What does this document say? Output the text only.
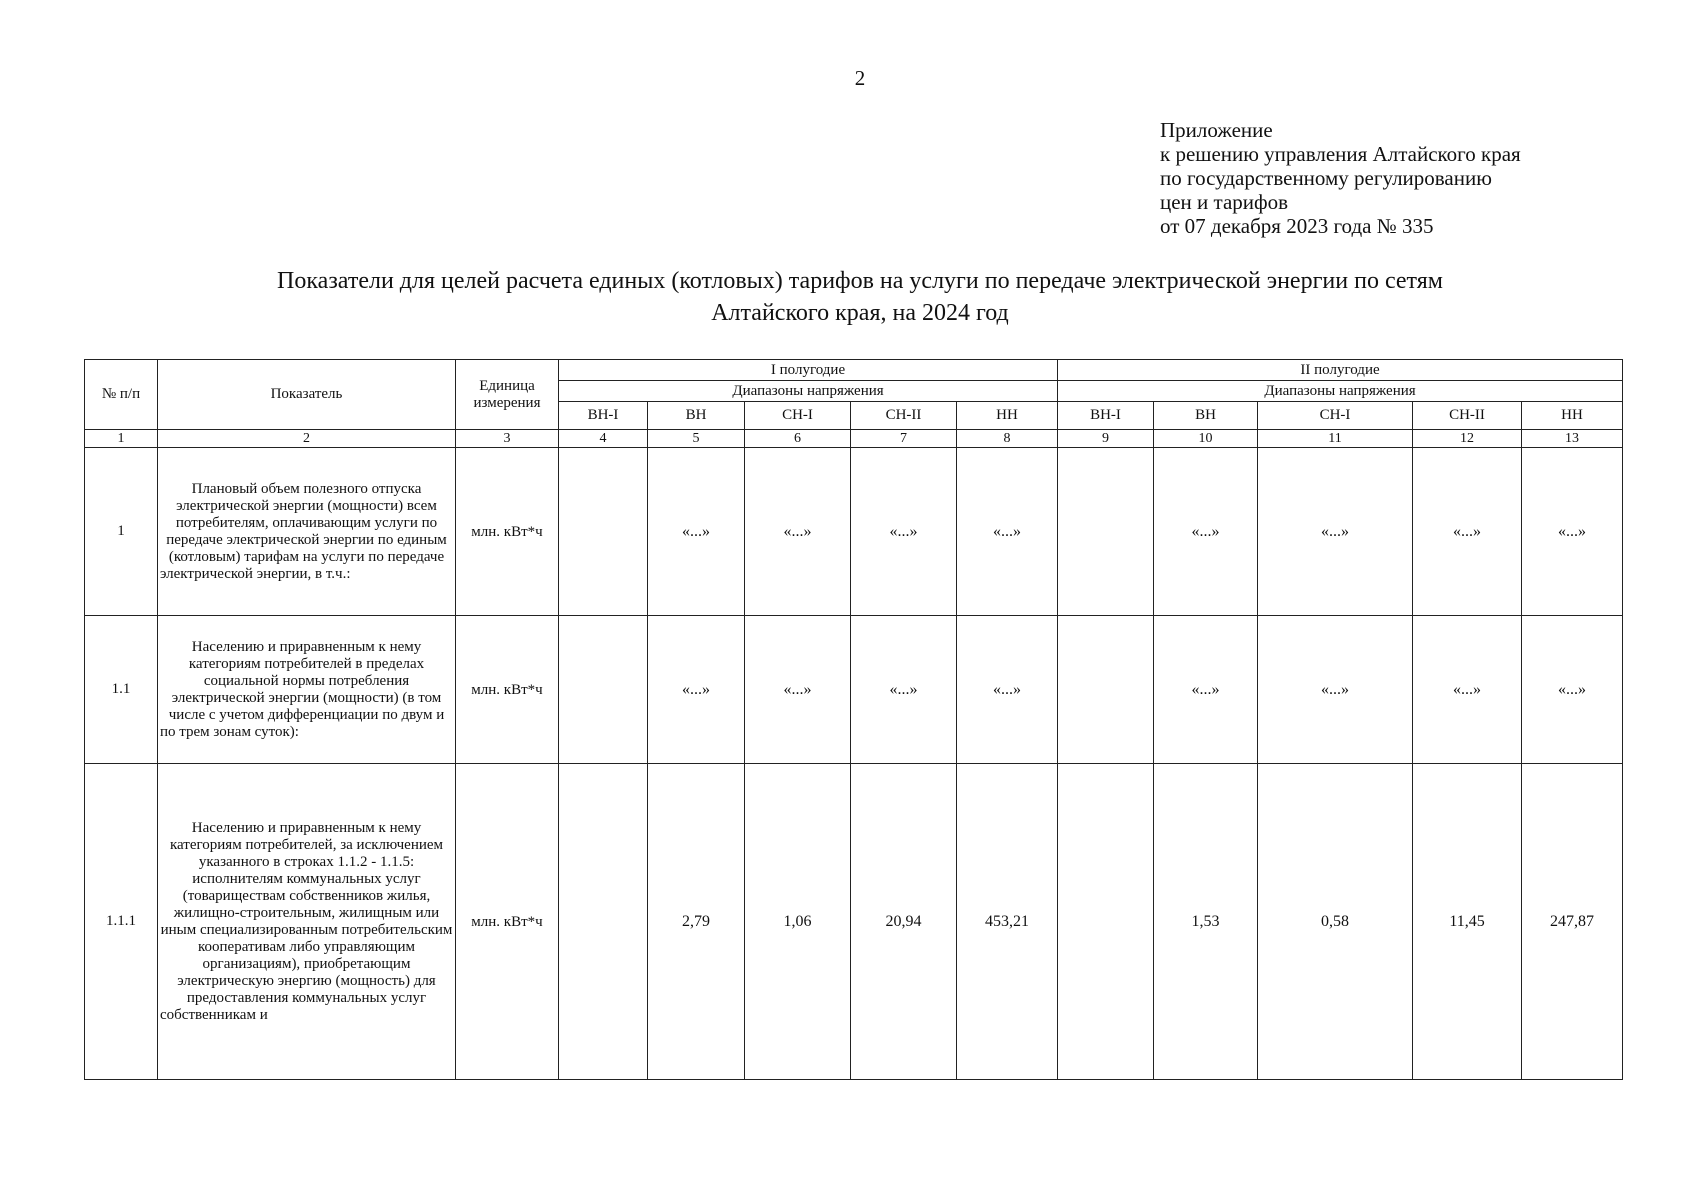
2
Приложение
к решению управления Алтайского края
по государственному регулированию
цен и тарифов
от 07 декабря 2023 года № 335
Показатели для целей расчета единых (котловых) тарифов на услуги по передаче электрической энергии по сетям
Алтайского края, на 2024 год
№ п/п	Показатель	Единица измерения	I полугодие					II полугодие				
			Диапазоны напряжения					Диапазоны напряжения				
			ВН-I	ВН	СН-I	СН-II	НН	ВН-I	ВН	СН-I	СН-II	НН
1	2	3	4	5	6	7	8	9	10	11	12	13
1	Плановый объем полезного отпуска электрической энергии (мощности) всем потребителям, оплачивающим услуги по передаче электрической энергии по единым (котловым) тарифам на услуги по передаче электрической энергии, в т.ч.:	млн. кВт*ч		«...»	«...»	«...»	«...»		«...»	«...»	«...»	«...»
1.1	Населению и приравненным к нему категориям потребителей в пределах социальной нормы потребления электрической энергии (мощности) (в том числе с учетом дифференциации по двум и по трем зонам суток):	млн. кВт*ч		«...»	«...»	«...»	«...»		«...»	«...»	«...»	«...»
1.1.1	Населению и приравненным к нему категориям потребителей, за исключением указанного в строках 1.1.2 - 1.1.5: исполнителям коммунальных услуг (товариществам собственников жилья, жилищно-строительным, жилищным или иным специализированным потребительским кооперативам либо управляющим организациям), приобретающим электрическую энергию (мощность) для предоставления коммунальных услуг собственникам и	млн. кВт*ч		2,79	1,06	20,94	453,21		1,53	0,58	11,45	247,87
